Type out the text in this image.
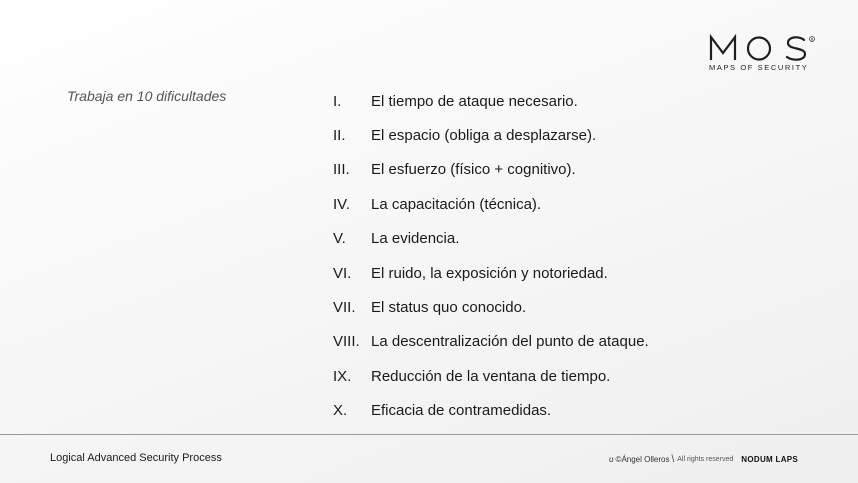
Trabaja en 10 dificultades
R
MAPS OF SECURITY
I.	El tiempo de ataque necesario.
II.	El espacio (obliga a desplazarse).
III.	El esfuerzo (físico + cognitivo).
IV.	La capacitación (técnica).
V.	La evidencia.
VI.	El ruido, la exposición y notoriedad.
VII.	El status quo conocido.
VIII. La descentralización del punto de ataque.
IX.	Reducción de la ventana de tiempo.
X.	Eficacia de contramedidas.
Logical Advanced Security Process	ʊ ©Ángel Olleros \ All rights reserved NODUM LAPS
